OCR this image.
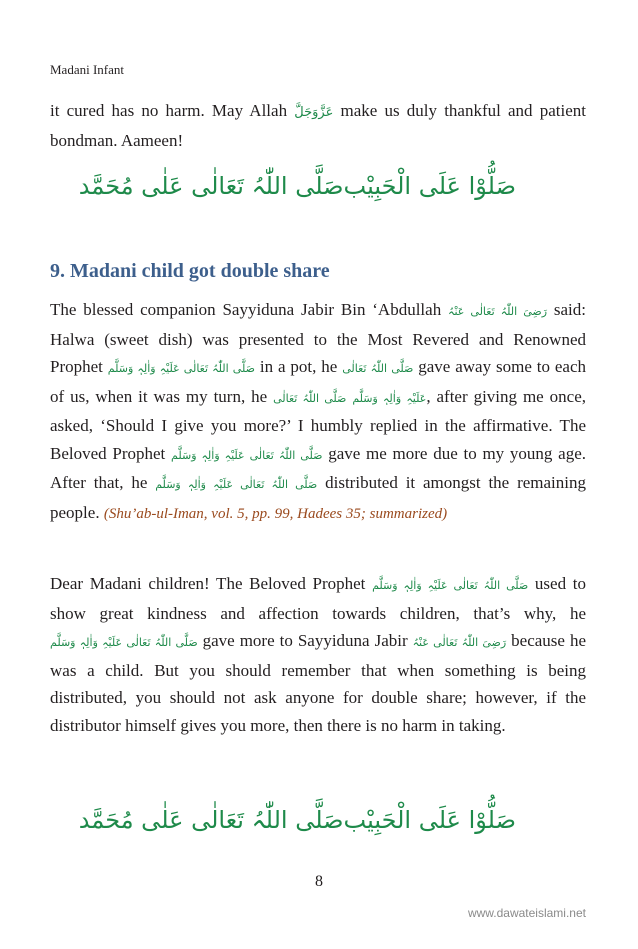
Madani Infant

it cured has no harm. May Allah عَزَّوَجَلَّ make us duly thankful and patient bondman. Aameen!

صَلُّوْا عَلَی الْحَبِیْب
صَلَّی اللّٰہُ تَعَالٰی عَلٰی مُحَمَّد
9. Madani child got double share

The blessed companion Sayyiduna Jabir Bin ‘Abdullah رَضِیَ اللّٰہُ تَعَالٰی عَنْہُ said: Halwa (sweet dish) was presented to the Most Revered and Renowned Prophet صَلَّی اللّٰہُ تَعَالٰی عَلَیْہِ وَاٰلِہٖ وَسَلَّم in a pot, he صَلَّی اللّٰہُ تَعَالٰی gave away some to each of us, when it was my turn, he صَلَّی اللّٰہُ تَعَالٰی عَلَیْہِ وَاٰلِہٖ وَسَلَّم, after giving me once, asked, ‘Should I give you more?’ I humbly replied in the affirmative. The Beloved Prophet صَلَّی اللّٰہُ تَعَالٰی عَلَیْہِ وَاٰلِہٖ وَسَلَّم gave me more due to my young age. After that, he صَلَّی اللّٰہُ تَعَالٰی عَلَیْہِ وَاٰلِہٖ وَسَلَّم distributed it amongst the remaining people. (Shu’ab-ul-Iman, vol. 5, pp. 99, Hadees 35; summarized)

Dear Madani children! The Beloved Prophet صَلَّی اللّٰہُ تَعَالٰی عَلَیْہِ وَاٰلِہٖ وَسَلَّم used to show great kindness and affection towards children, that’s why, he صَلَّی اللّٰہُ تَعَالٰی عَلَیْہِ وَاٰلِہٖ وَسَلَّم gave more to Sayyiduna Jabir رَضِیَ اللّٰہُ تَعَالٰی عَنْہُ because he was a child. But you should remember that when something is being distributed, you should not ask anyone for double share; however, if the distributor himself gives you more, then there is no harm in taking.

صَلُّوْا عَلَی الْحَبِیْب
صَلَّی اللّٰہُ تَعَالٰی عَلٰی مُحَمَّد
8
www.dawateislami.net
